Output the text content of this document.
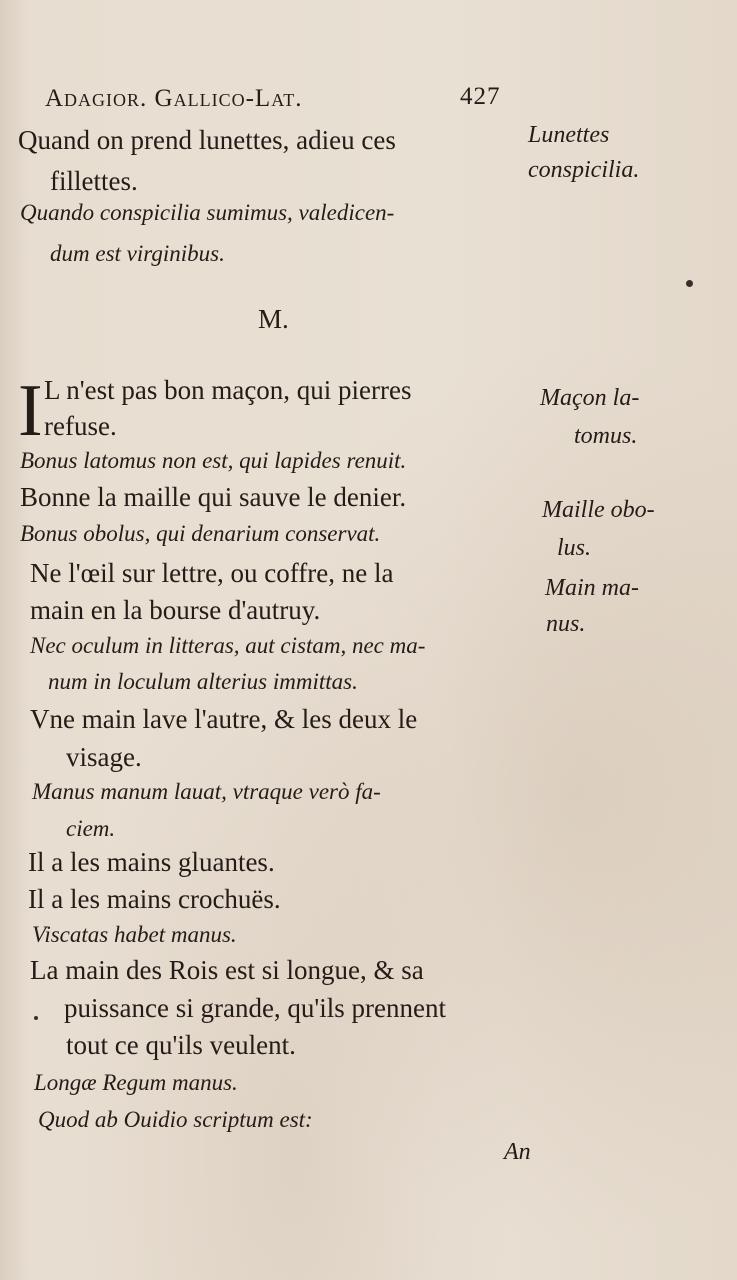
Adagior. Gallico-Lat.	427
Quand on prend lunettes, adieu ces
fillettes.
Quando conspicilia sumimus, valedicen-
dum est virginibus.
Lunettes
conspicilia.
M.
I L n'est pas bon maçon, qui pierres
refuse.
Bonus latomus non est, qui lapides renuit.
Maçon la-
tomus.
Bonne la maille qui sauve le denier.
Bonus obolus, qui denarium conservat.
Maille obo-
lus.
Ne l'œil sur lettre, ou coffre, ne la
main en la bourse d'autruy.
Nec oculum in litteras, aut cistam, nec ma-
num in loculum alterius immittas.
Main ma-
nus.
Vne main lave l'autre, & les deux le
visage.
Manus manum lauat, vtraque verò fa-
ciem.
Il a les mains gluantes.
Il a les mains crochuës.
Viscatas habet manus.
La main des Rois est si longue, & sa
puissance si grande, qu'ils prennent
tout ce qu'ils veulent.
Longæ Regum manus.
Quod ab Ouidio scriptum est:
An
